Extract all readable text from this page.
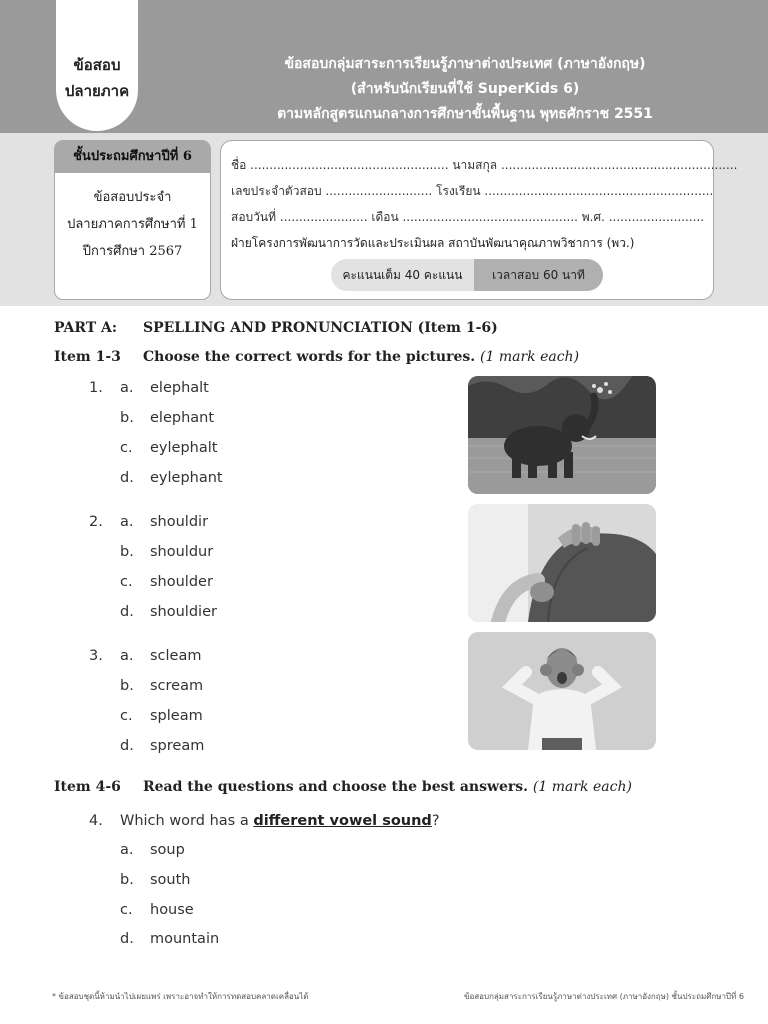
ข้อสอบ
ปลายภาค
ข้อสอบกลุ่มสาระการเรียนรู้ภาษาต่างประเทศ (ภาษาอังกฤษ)
(สำหรับนักเรียนที่ใช้ SuperKids 6)
ตามหลักสูตรแกนกลางการศึกษาขั้นพื้นฐาน พุทธศักราช 2551
ชั้นประถมศึกษาปีที่ 6
ข้อสอบประจำ
ปลายภาคการศึกษาที่ 1
ปีการศึกษา 2567
ชื่อ .................................................... นามสกุล ..............................................................
เลขประจำตัวสอบ ............................ โรงเรียน ............................................................
สอบวันที่ ....................... เดือน .............................................. พ.ศ. .........................
ฝ่ายโครงการพัฒนาการวัดและประเมินผล สถาบันพัฒนาคุณภาพวิชาการ (พว.)
คะแนนเต็ม 40 คะแนน	เวลาสอบ 60 นาที
PART A: SPELLING AND PRONUNCIATION (Item 1-6)
Item 1-3 Choose the correct words for the pictures. (1 mark each)
1. a. elephalt
b. elephant
c. eylephalt
d. eylephant
2. a. shouldir
b. shouldur
c. shoulder
d. shouldier
3. a. scleam
b. scream
c. spleam
d. spream
Item 4-6 Read the questions and choose the best answers. (1 mark each)
4. Which word has a different vowel sound?
a. soup
b. south
c. house
d. mountain
* ข้อสอบชุดนี้ห้ามนำไปเผยแพร่ เพราะอาจทำให้การทดสอบคลาดเคลื่อนได้	ข้อสอบกลุ่มสาระการเรียนรู้ภาษาต่างประเทศ (ภาษาอังกฤษ) ชั้นประถมศึกษาปีที่ 6
